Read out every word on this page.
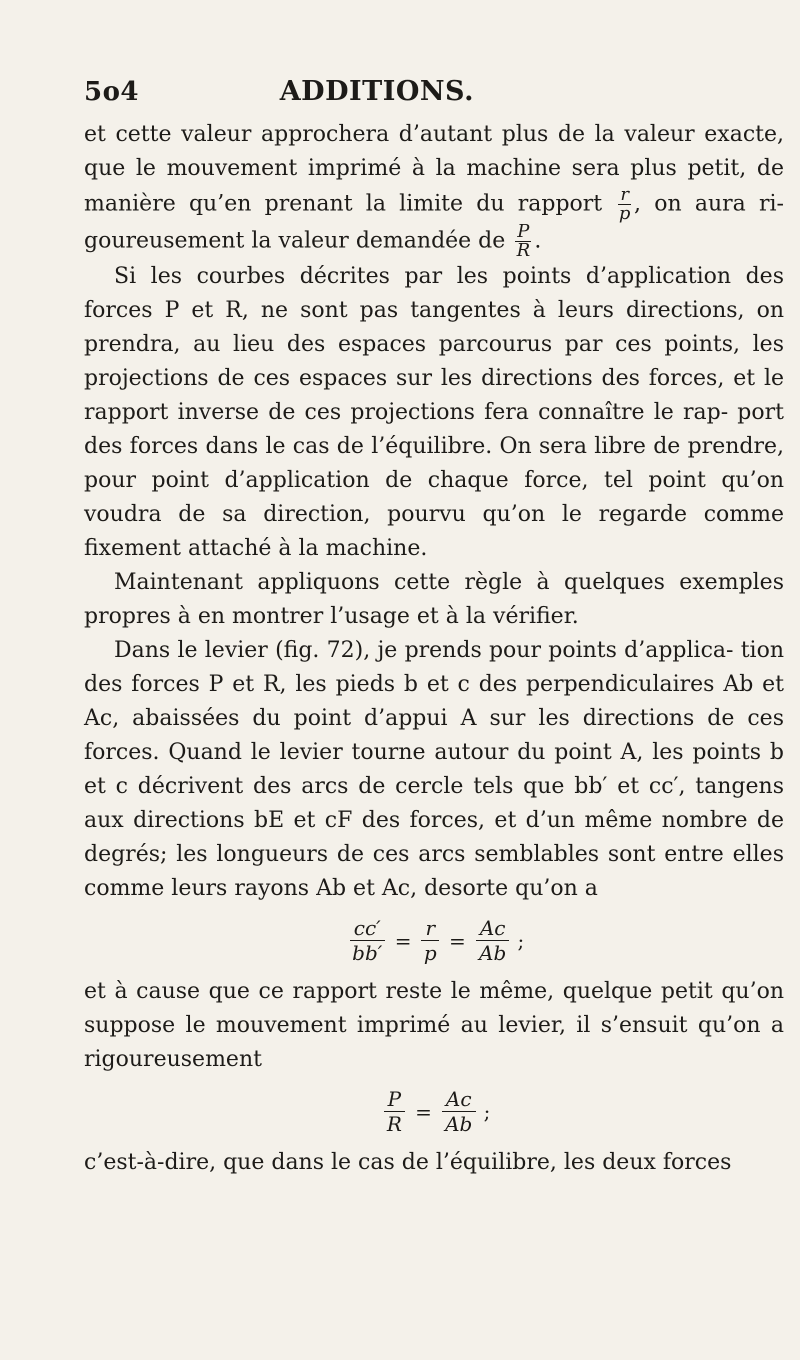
5o4	ADDITIONS.

et cette valeur approchera d’autant plus de la valeur exacte, que le mouvement imprimé à la machine sera plus petit, de manière qu’en prenant la limite du rapport $\frac{r}{p}$ , on aura ri- goureusement la valeur demandée de $\frac{P}{R}$ .

Si les courbes décrites par les points d’application des forces P et R, ne sont pas tangentes à leurs directions, on prendra, au lieu des espaces parcourus par ces points, les projections de ces espaces sur les directions des forces, et le rapport inverse de ces projections fera connaître le rap- port des forces dans le cas de l’équilibre. On sera libre de prendre, pour point d’application de chaque force, tel point qu’on voudra de sa direction, pourvu qu’on le regarde comme fixement attaché à la machine.

Maintenant appliquons cette règle à quelques exemples propres à en montrer l’usage et à la vérifier.

Dans le levier (fig. 72), je prends pour points d’applica- tion des forces P et R, les pieds b et c des perpendiculaires Ab et Ac, abaissées du point d’appui A sur les directions de ces forces. Quand le levier tourne autour du point A, les points b et c décrivent des arcs de cercle tels que bb′ et cc′, tangens aux directions bE et cF des forces, et d’un même nombre de degrés; les longueurs de ces arcs semblables sont entre elles comme leurs rayons Ab et Ac, desorte qu’on a

$\frac{cc'}{bb'} = \frac{r}{p} = \frac{Ac}{Ab}$ ;

et à cause que ce rapport reste le même, quelque petit qu’on suppose le mouvement imprimé au levier, il s’ensuit qu’on a rigoureusement

$\frac{P}{R} = \frac{Ac}{Ab}$ ;

c’est-à-dire, que dans le cas de l’équilibre, les deux forces
